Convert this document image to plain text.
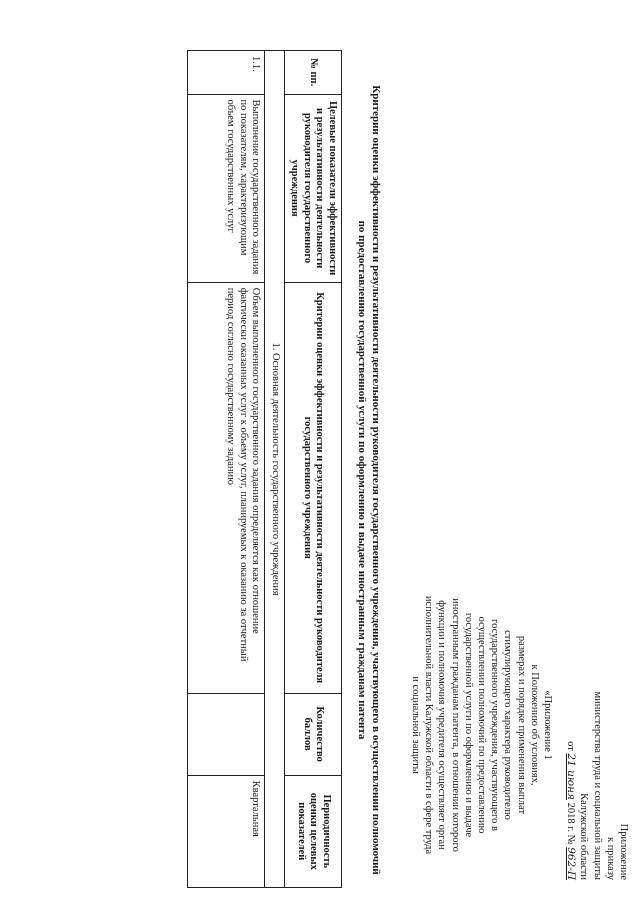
Приложение
к приказу
министерства труда и социальной защиты
Калужской области
от 21 июня 2018 г. № 962-П
«Приложение 1
к Положению об условиях,
размерах и порядке применения выплат
стимулирующего характера руководителю
государственного учреждения, участвующего в
осуществлении полномочий по предоставлению
государственной услуги по оформлению и выдаче
иностранным гражданам патента, в отношении которого
функции и полномочия учредителя осуществляет орган
исполнительной власти Калужской области в сфере труда
и социальной защиты
Критерии оценки эффективности и результативности деятельности руководителя государственного учреждения, участвующего в осуществлении полномочий по предоставлению государственной услуги по оформлению и выдаче иностранным гражданам патента
№ пп.	Целевые показатели эффективности и результативности деятельности руководителя государственного учреждения	Критерии оценки эффективности и результативности деятельности руководителя государственного учреждения	Количество баллов	Периодичность оценки целевых показателей
1. Основная деятельность государственного учреждения				
1.1.	Выполнение государственного задания по показателям, характеризующим объем государственных услуг	Объем выполненного государственного задания определяется как отношение фактически оказанных услуг к объему услуг, планируемых к оказанию за отчетный период согласно государственному заданию		Квартальная
